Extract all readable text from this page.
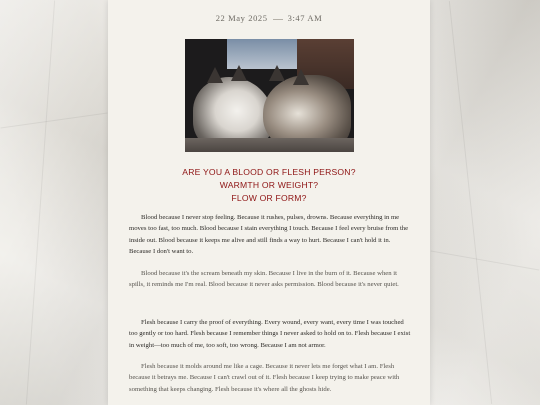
22 May 2025 3:47 AM
ARE YOU A BLOOD OR FLESH PERSON?
WARMTH OR WEIGHT?
FLOW OR FORM?

Blood because I never stop feeling. Because it rushes, pulses, drowns. Because everything in me moves too fast, too much. Blood because I stain everything I touch. Because I feel every bruise from the inside out. Blood because it keeps me alive and still finds a way to hurt. Because I can't hold it in. Because I don't want to.

Blood because it's the scream beneath my skin. Because I live in the burn of it. Because when it spills, it reminds me I'm real. Blood because it never asks permission. Blood because it's never quiet.

Flesh because I carry the proof of everything. Every wound, every want, every time I was touched too gently or too hard. Flesh because I remember things I never asked to hold on to. Flesh because I exist in weight—too much of me, too soft, too wrong. Because I am not armor.

Flesh because it molds around me like a cage. Because it never lets me forget what I am. Flesh because it betrays me. Because I can't crawl out of it. Flesh because I keep trying to make peace with something that keeps changing. Flesh because it's where all the ghosts hide.
